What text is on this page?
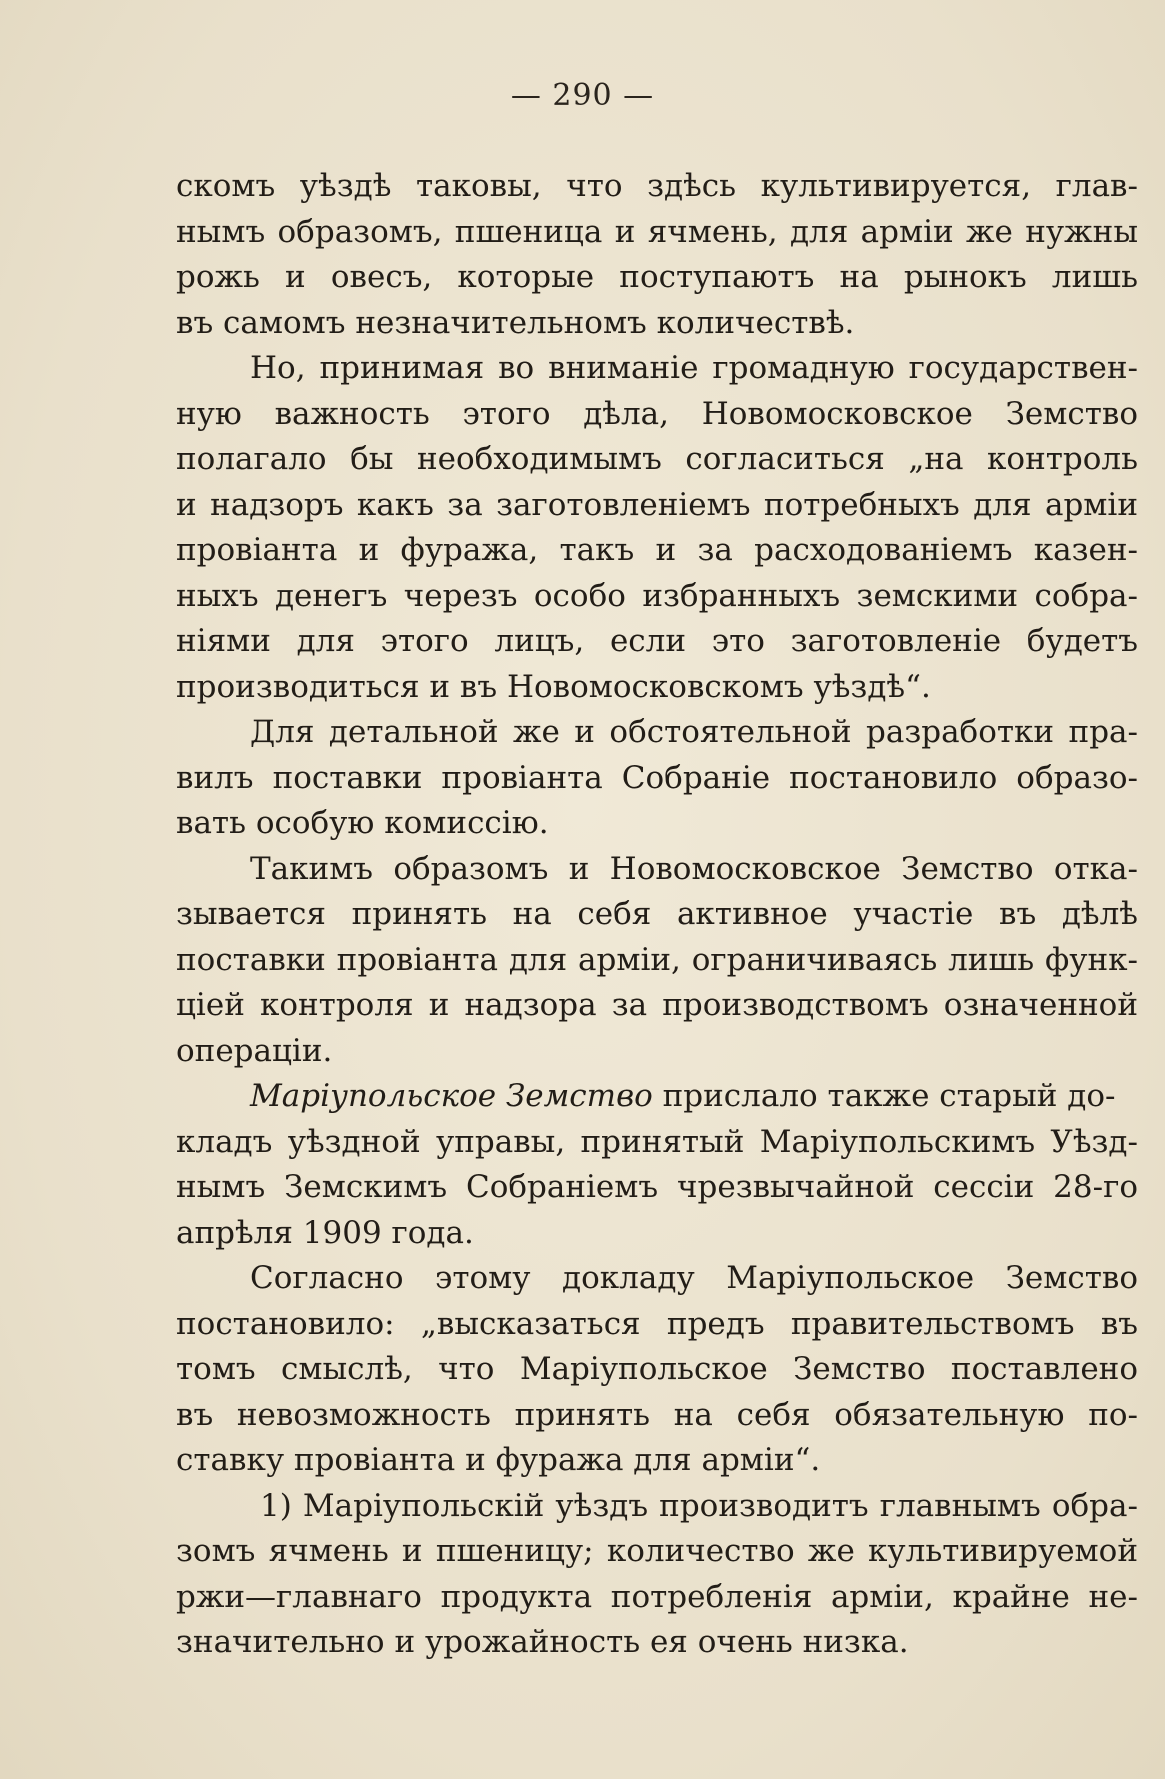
— 290 —
скомъ уѣздѣ таковы, что здѣсь культивируется, глав-
нымъ образомъ, пшеница и ячмень, для арміи же нужны
рожь и овесъ, которые поступаютъ на рынокъ лишь
въ самомъ незначительномъ количествѣ.
Но, принимая во вниманіе громадную государствен-
ную важность этого дѣла, Новомосковское Земство
полагало бы необходимымъ согласиться „на контроль
и надзоръ какъ за заготовленіемъ потребныхъ для арміи
провіанта и фуража, такъ и за расходованіемъ казен-
ныхъ денегъ черезъ особо избранныхъ земскими собра-
ніями для этого лицъ, если это заготовленіе будетъ
производиться и въ Новомосковскомъ уѣздѣ“.
Для детальной же и обстоятельной разработки пра-
вилъ поставки провіанта Собраніе постановило образо-
вать особую комиссію.
Такимъ образомъ и Новомосковское Земство отка-
зывается принять на себя активное участіе въ дѣлѣ
поставки провіанта для арміи, ограничиваясь лишь функ-
ціей контроля и надзора за производствомъ означенной
операціи.
Маріупольское Земство прислало также старый до-
кладъ уѣздной управы, принятый Маріупольскимъ Уѣзд-
нымъ Земскимъ Собраніемъ чрезвычайной сессіи 28-го
апрѣля 1909 года.
Согласно этому докладу Маріупольское Земство
постановило: „высказаться предъ правительствомъ въ
томъ смыслѣ, что Маріупольское Земство поставлено
въ невозможность принять на себя обязательную по-
ставку провіанта и фуража для арміи“.
1) Маріупольскій уѣздъ производитъ главнымъ обра-
зомъ ячмень и пшеницу; количество же культивируемой
ржи—главнаго продукта потребленія арміи, крайне не-
значительно и урожайность ея очень низка.
